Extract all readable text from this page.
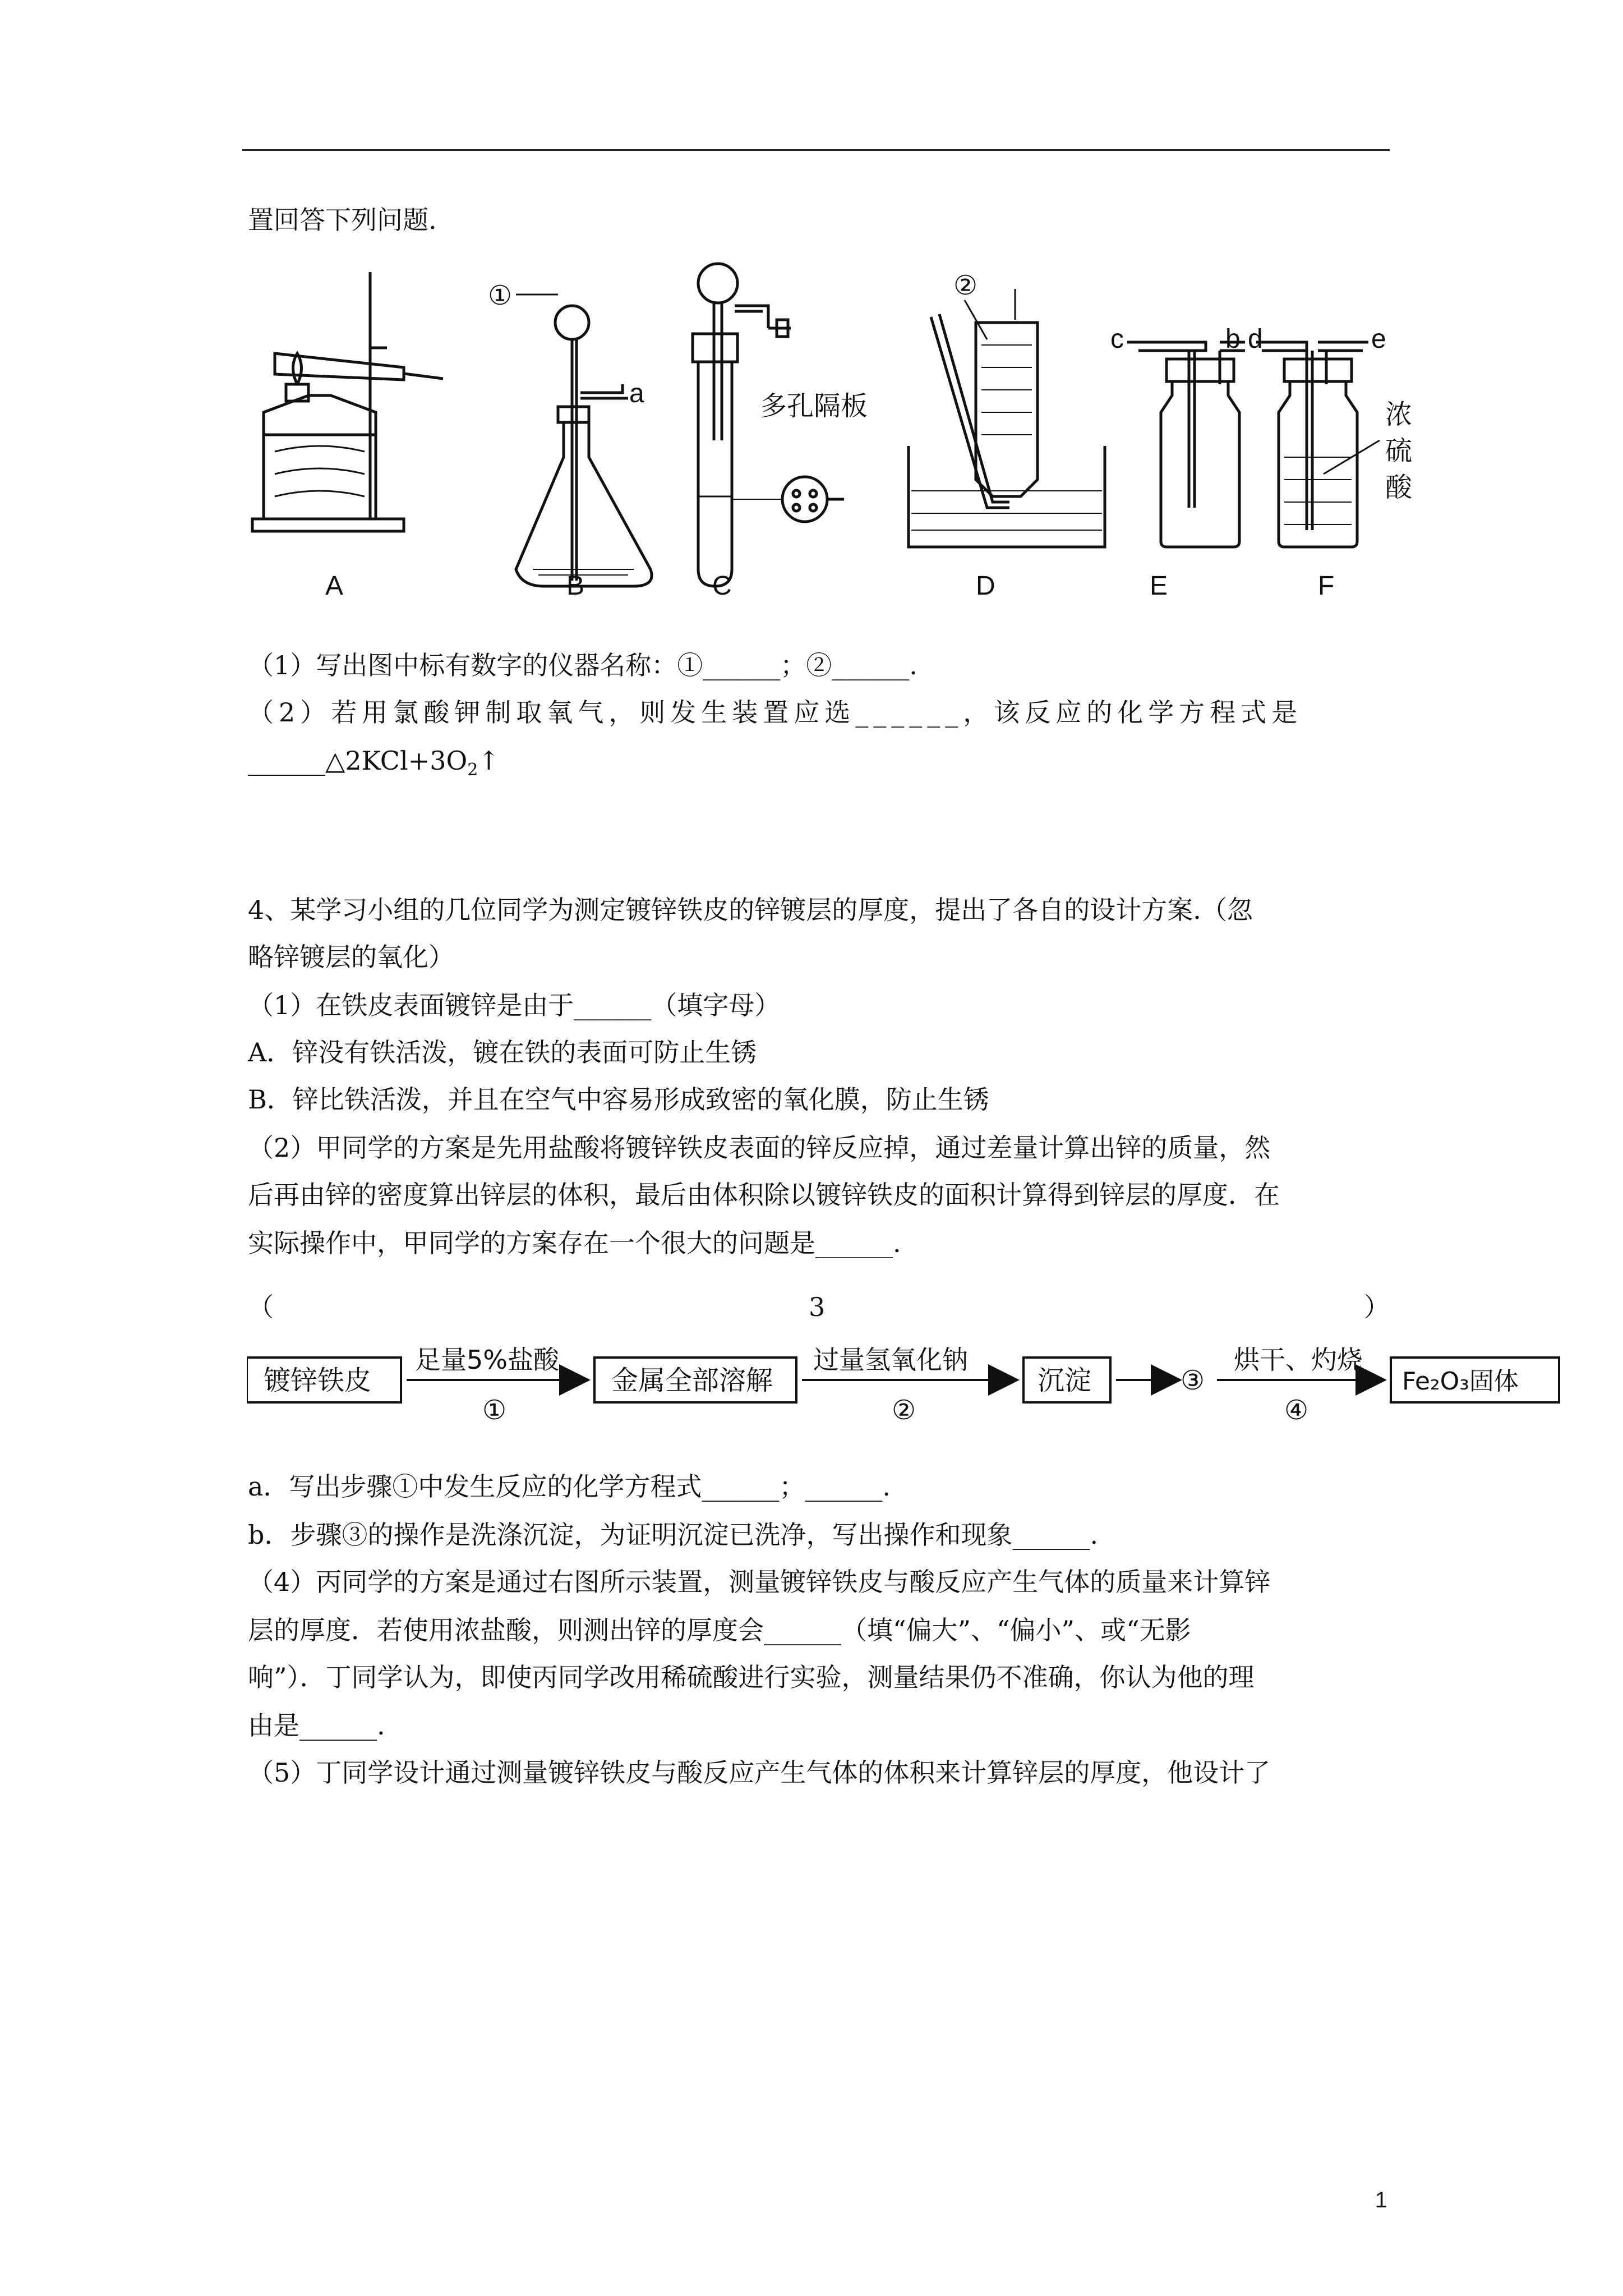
置回答下列问题.
①	②
a	多孔隔板
c	b d	e
浓
硫
酸
A	B	C	D	E	F
（1）写出图中标有数字的仪器名称：①______；②______.
（2）若用氯酸钾制取氧气，则发生装置应选______，该反应的化学方程式是
$\_\_\_\_\_\_\triangle 2KCl+3O_2↑$
4、某学习小组的几位同学为测定镀锌铁皮的锌镀层的厚度，提出了各自的设计方案.（忽
略锌镀层的氧化）
（1）在铁皮表面镀锌是由于______（填字母）
A．锌没有铁活泼，镀在铁的表面可防止生锈
B．锌比铁活泼，并且在空气中容易形成致密的氧化膜，防止生锈
（2）甲同学的方案是先用盐酸将镀锌铁皮表面的锌反应掉，通过差量计算出锌的质量，然
后再由锌的密度算出锌层的体积，最后由体积除以镀锌铁皮的面积计算得到锌层的厚度．在
实际操作中，甲同学的方案存在一个很大的问题是______.
（	3	）
镀锌铁皮
足量5%盐酸
①
金属全部溶解
过量氢氧化钠
②
沉淀	③
烘干、灼烧
④
Fe₂O₃固体
a．写出步骤①中发生反应的化学方程式______；______.
b．步骤③的操作是洗涤沉淀，为证明沉淀已洗净，写出操作和现象______.
（4）丙同学的方案是通过右图所示装置，测量镀锌铁皮与酸反应产生气体的质量来计算锌
层的厚度．若使用浓盐酸，则测出锌的厚度会______（填“偏大”、“偏小”、或“无影
响”）．丁同学认为，即使丙同学改用稀硫酸进行实验，测量结果仍不准确，你认为他的理
由是______.
（5）丁同学设计通过测量镀锌铁皮与酸反应产生气体的体积来计算锌层的厚度，他设计了
1
